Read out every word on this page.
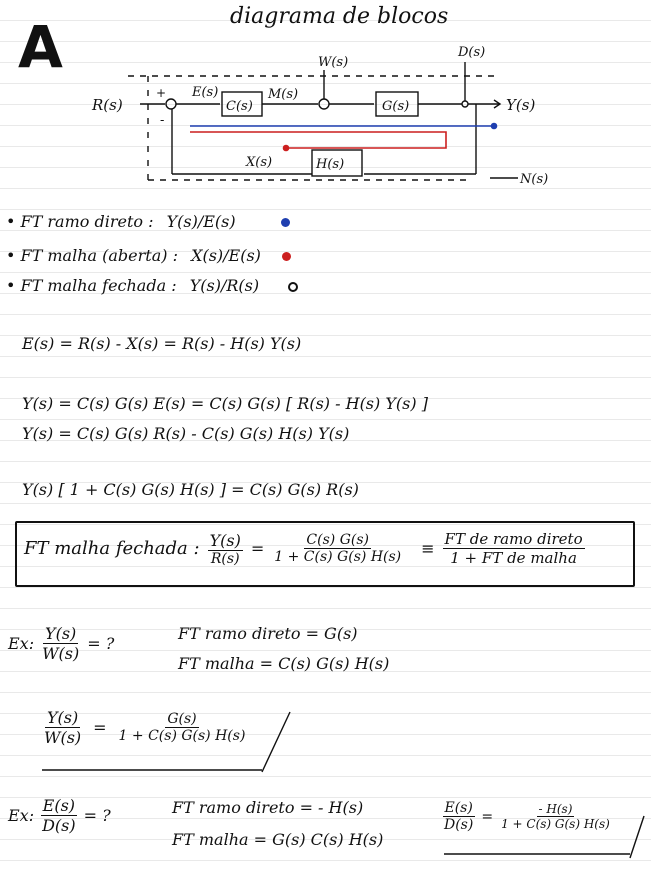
A	diagrama de blocos
R(s)
+
-
E(s)
C(s)
M(s)
W(s)
G(s)
D(s)
Y(s)
X(s)	H(s)
N(s)
• FT ramo direto : Y(s)/E(s)
• FT malha (aberta) : X(s)/E(s)
• FT malha fechada : Y(s)/R(s)
E(s) = R(s) - X(s) = R(s) - H(s) Y(s)
Y(s) = C(s) G(s) E(s) = C(s) G(s) [ R(s) - H(s) Y(s) ]
Y(s) = C(s) G(s) R(s) - C(s) G(s) H(s) Y(s)
Y(s) [ 1 + C(s) G(s) H(s) ] = C(s) G(s) R(s)
FT malha fechada : $\frac{Y(s)}{R(s)} = \frac{C(s) G(s)}{1 + C(s) G(s) H(s)} \equiv \frac{\text{FT de ramo direto}}{\text{1 + FT de malha}}$
Ex: $\frac{Y(s)}{W(s)}$ = ?
FT ramo direto = G(s)
FT malha = C(s) G(s) H(s)
$\frac{Y(s)}{W(s)} = \frac{G(s)}{1 + C(s) G(s) H(s)}$
Ex: $\frac{E(s)}{D(s)}$ = ?	FT ramo direto = - H(s)
FT malha = G(s) C(s) H(s)
$\frac{E(s)}{D(s)} = \frac{- H(s)}{1 + C(s) G(s) H(s)}$
